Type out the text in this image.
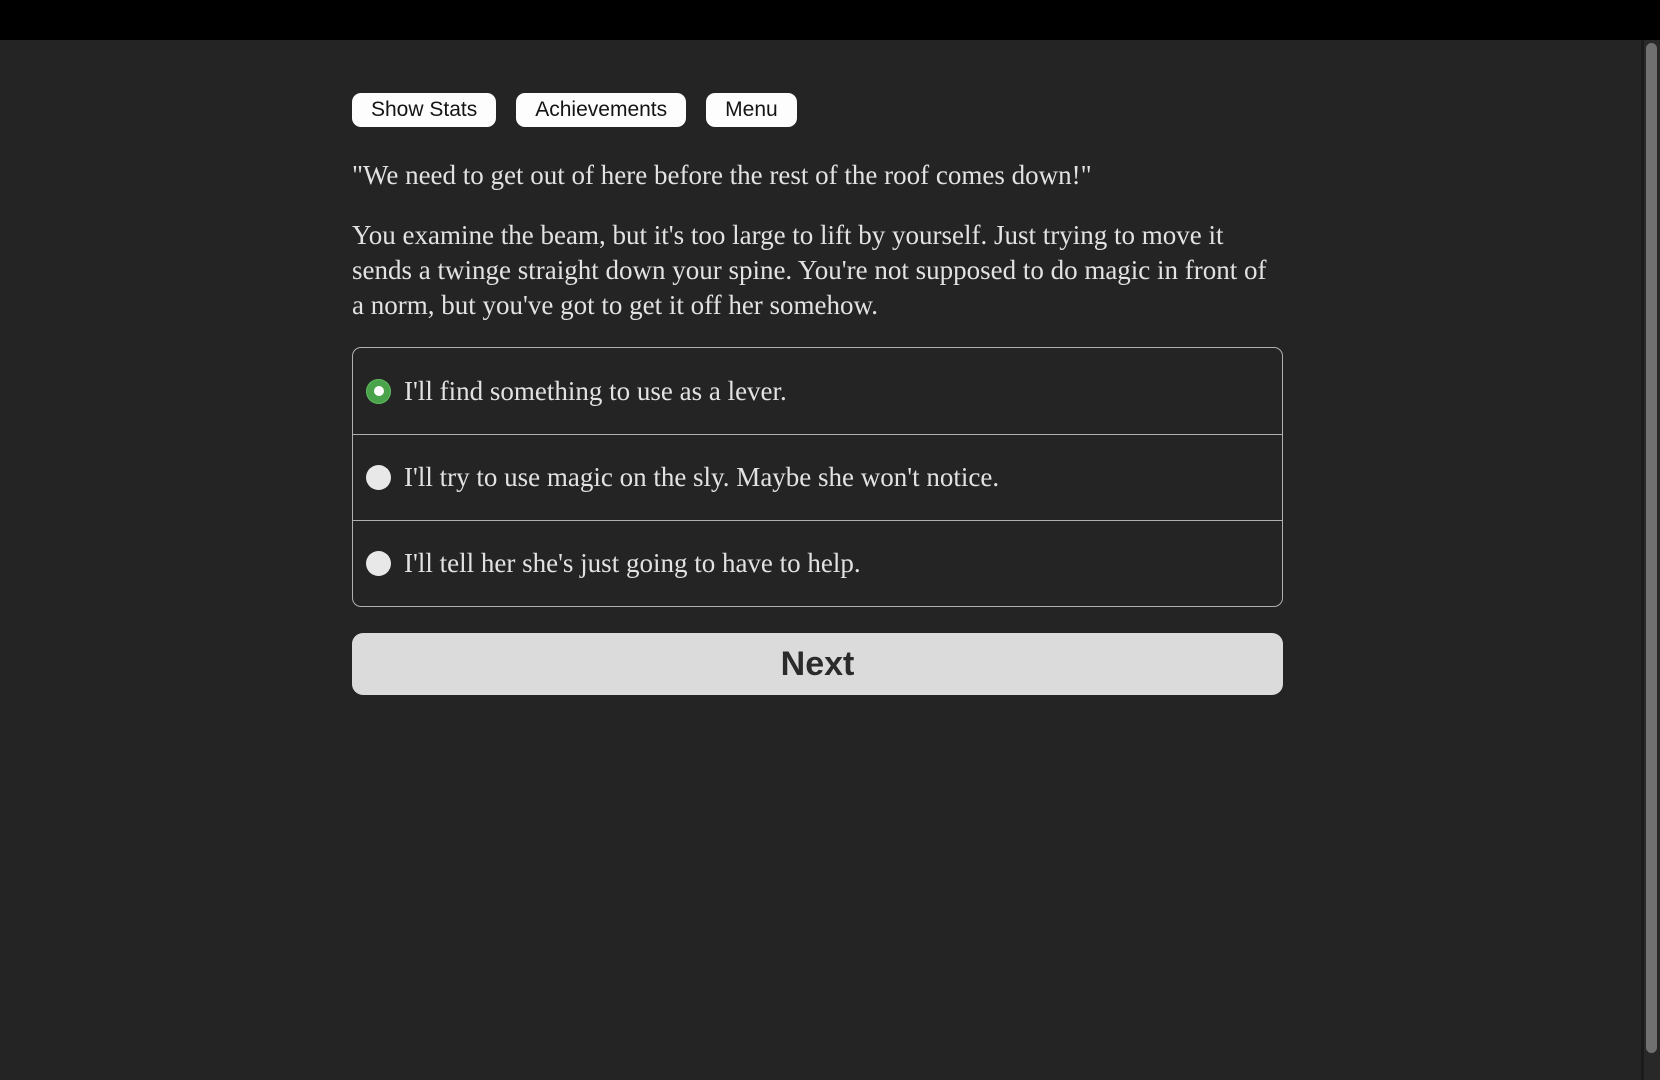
Show Stats	Achievements	Menu

"We need to get out of here before the rest of the roof comes down!"

You examine the beam, but it's too large to lift by yourself. Just trying to move it sends a twinge straight down your spine. You're not supposed to do magic in front of a norm, but you've got to get it off her somehow.

I'll find something to use as a lever.
I'll try to use magic on the sly. Maybe she won't notice.
I'll tell her she's just going to have to help.
Next
